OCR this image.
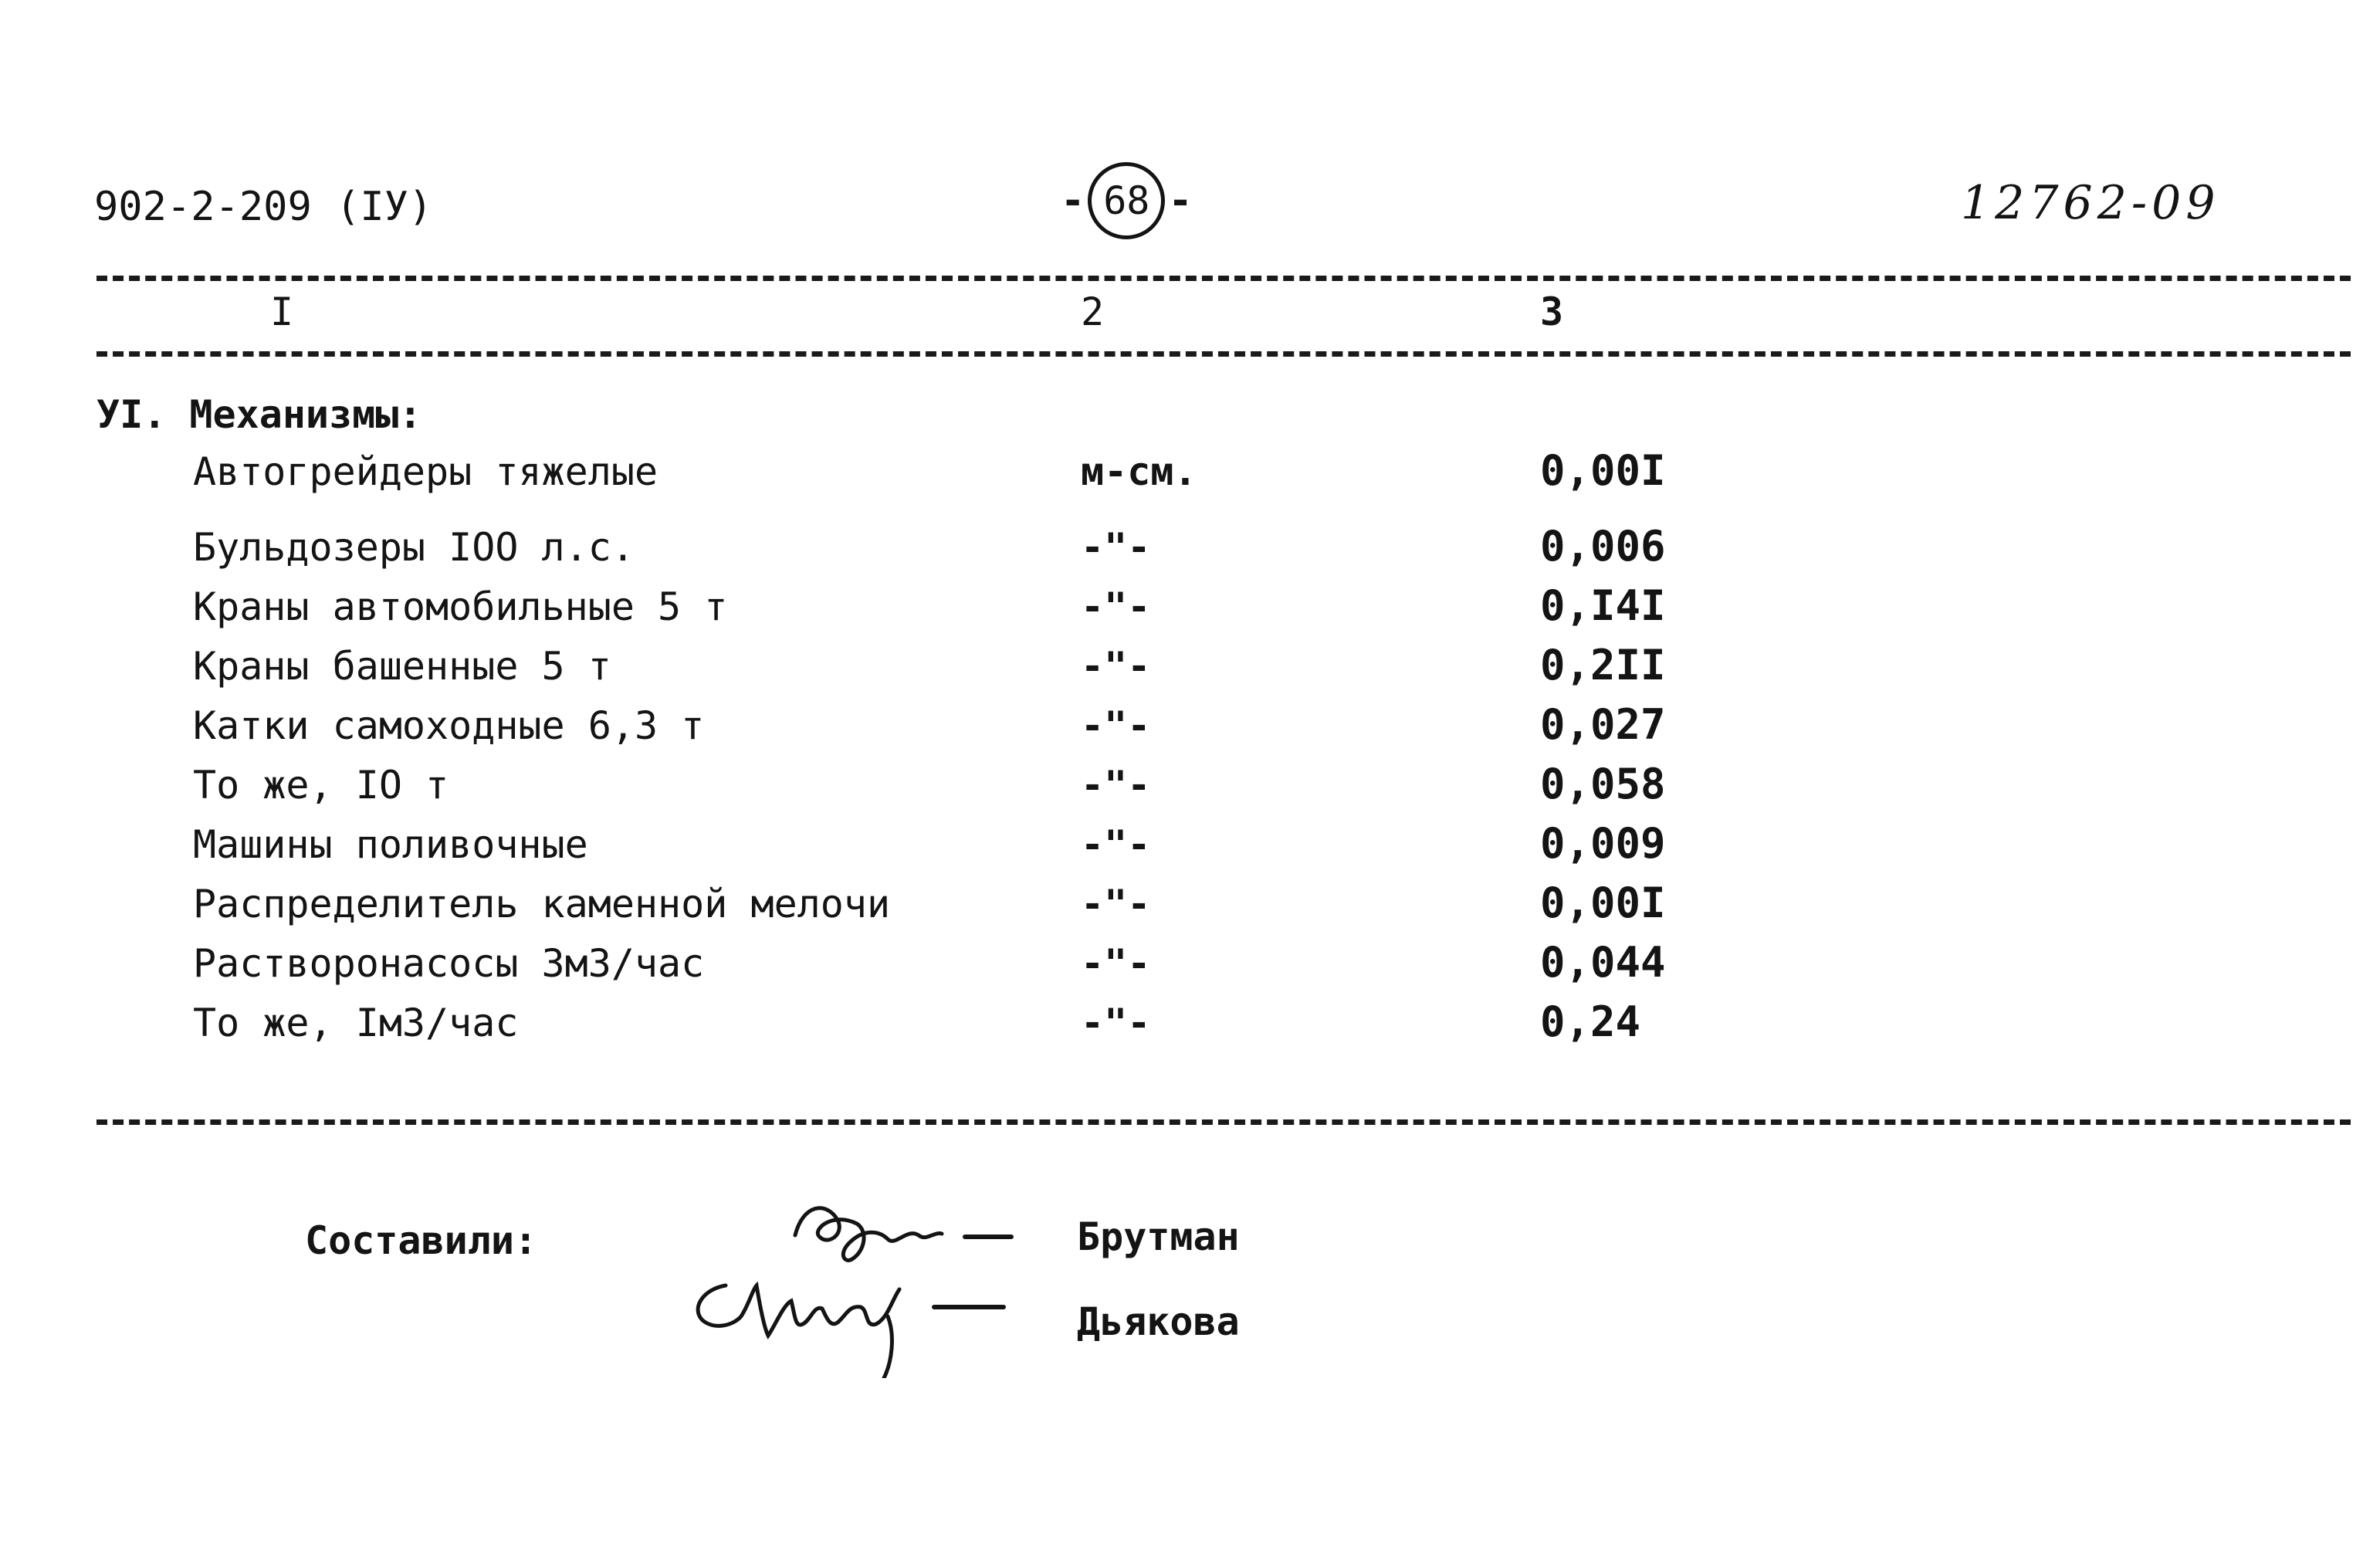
902-2-209 (IУ)	- 68 -	12762-09
I	2	3
УI. Механизмы:
Автогрейдеры тяжелые	м-см.	0,00I
Бульдозеры IOO л.с.	-"-	0,006
Краны автомобильные 5 т	-"-	0,I4I
Краны башенные 5 т	-"-	0,2II
Катки самоходные 6,3 т	-"-	0,027
То же, IO т	-"-	0,058
Машины поливочные	-"-	0,009
Распределитель каменной мелочи	-"-	0,00I
Растворонасосы 3м3/час	-"-	0,044
То же, Iм3/час	-"-	0,24
Составили:	Брутман
Дьякова
